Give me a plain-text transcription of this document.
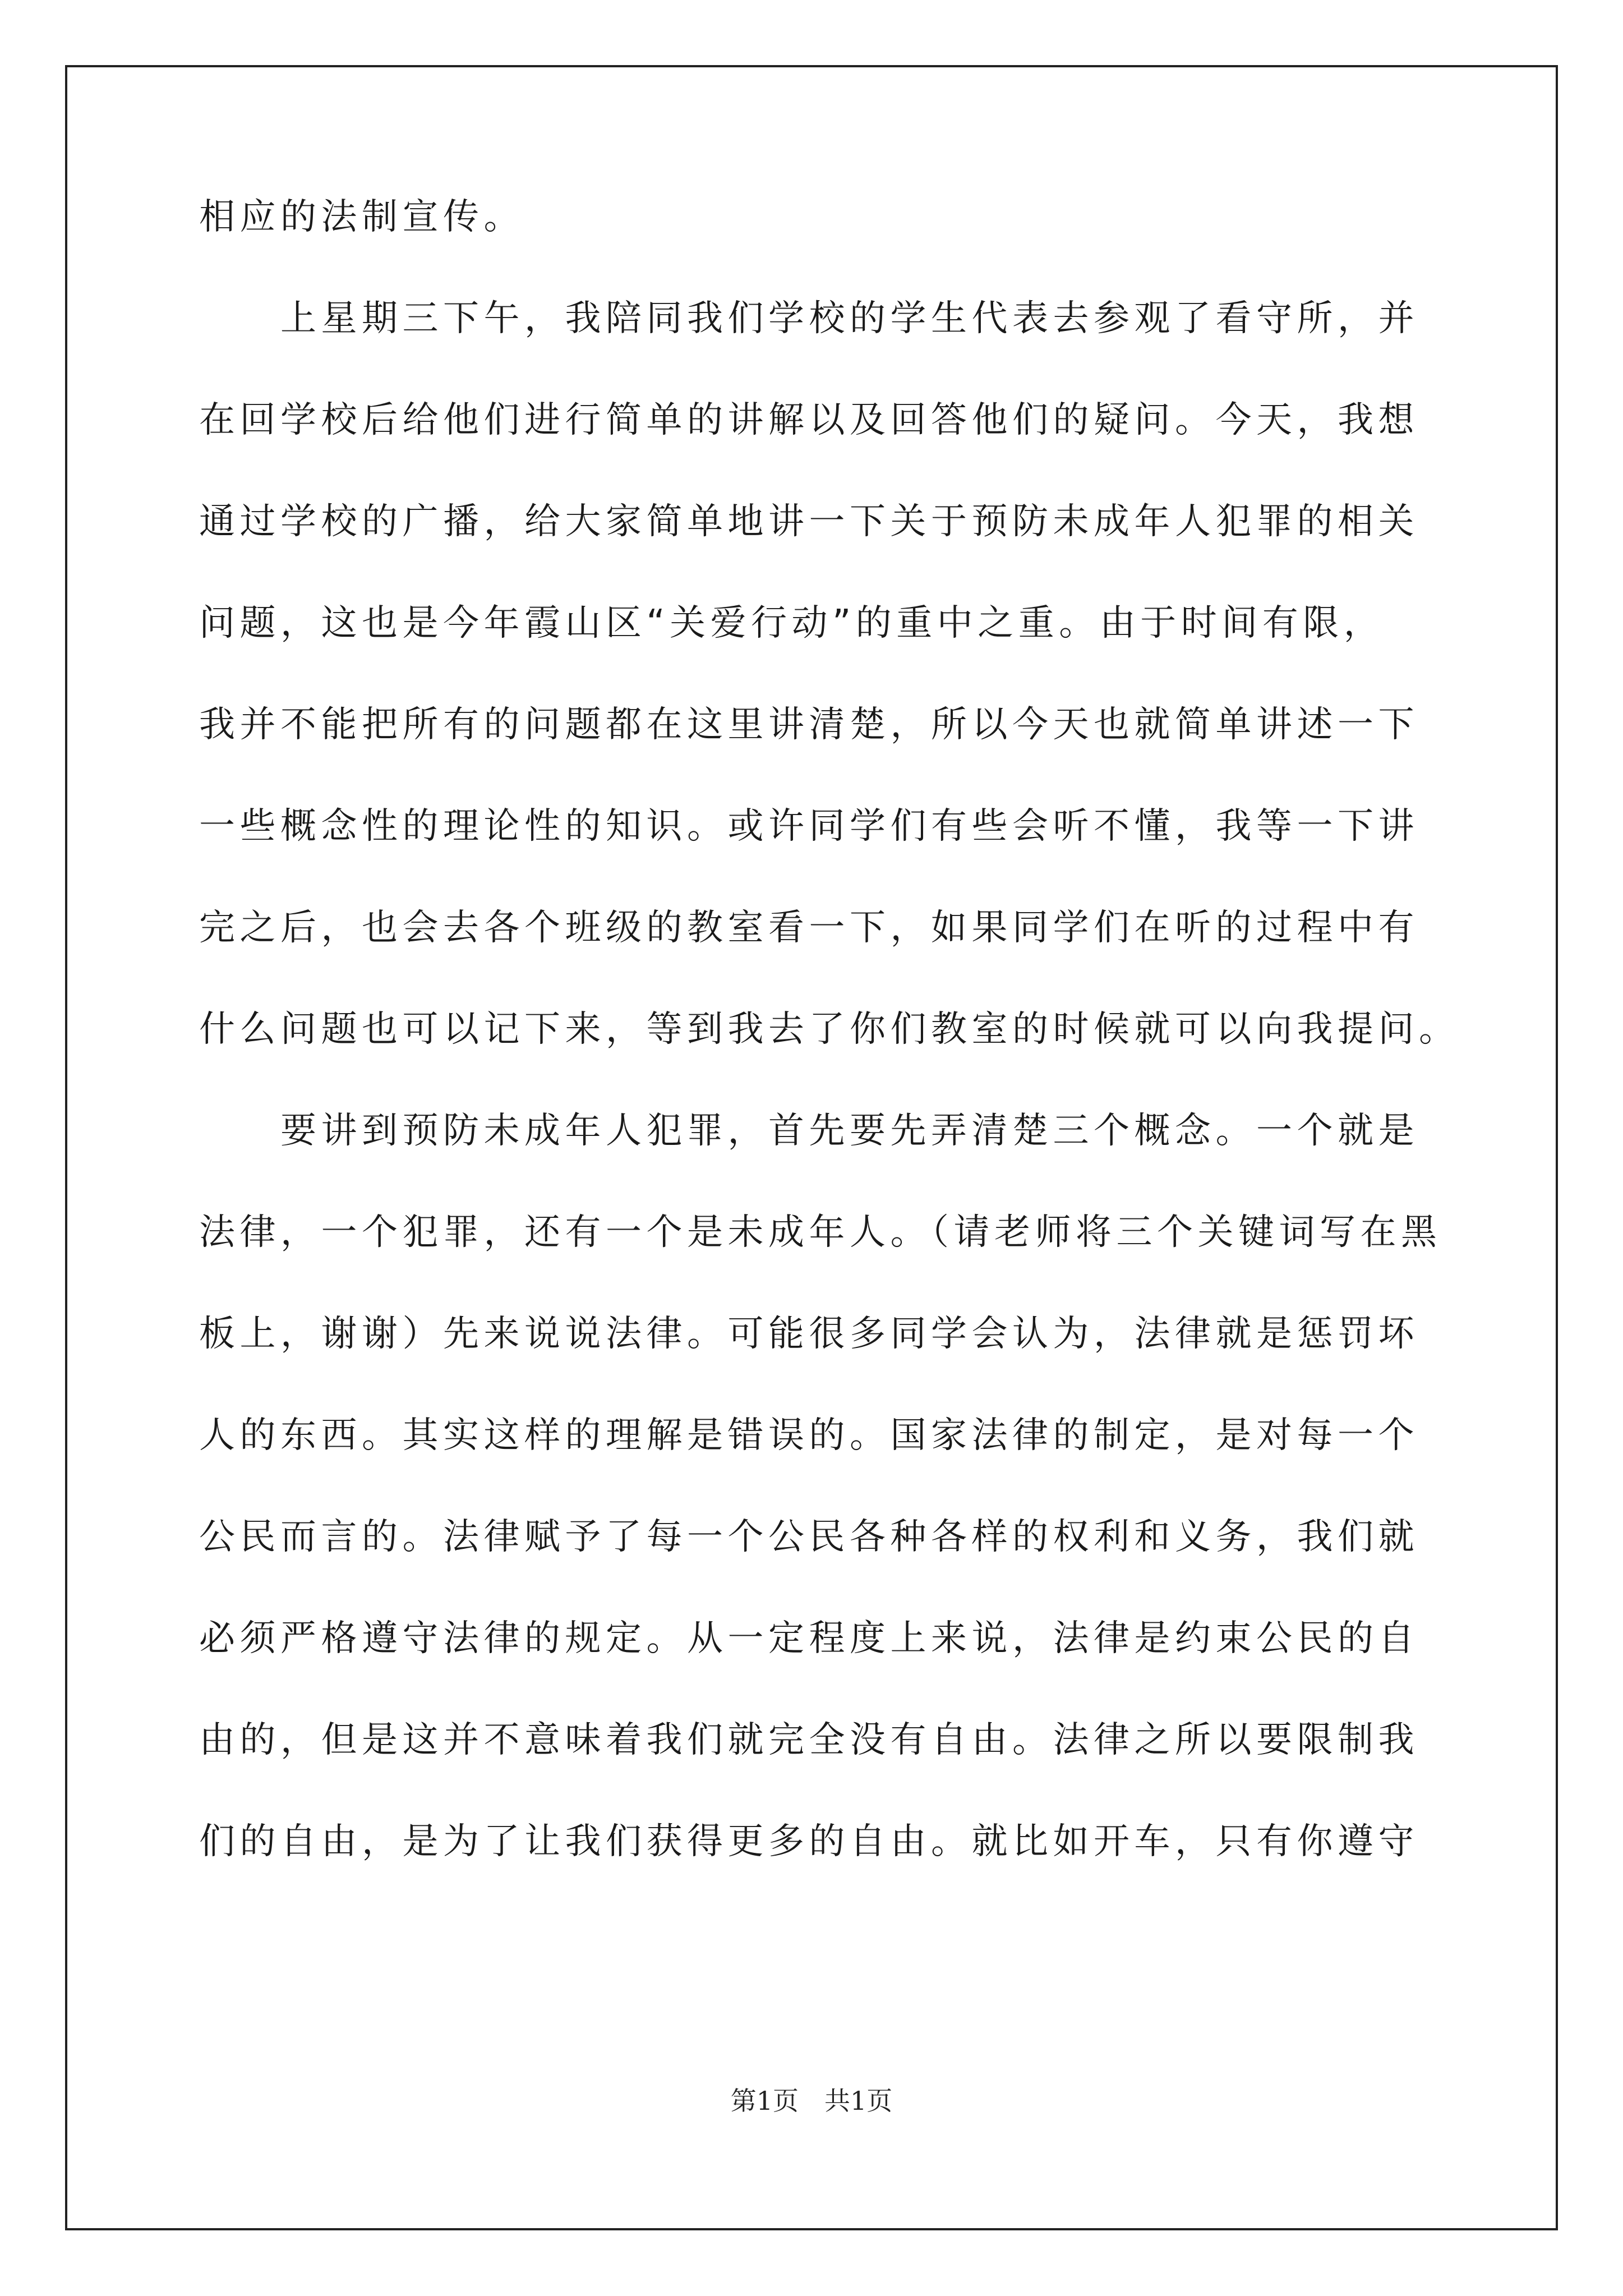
相应的法制宣传。
上星期三下午，我陪同我们学校的学生代表去参观了看守所，并
在回学校后给他们进行简单的讲解以及回答他们的疑问。今天，我想
通过学校的广播，给大家简单地讲一下关于预防未成年人犯罪的相关
问题，这也是今年霞山区“关爱行动”的重中之重。由于时间有限，
我并不能把所有的问题都在这里讲清楚，所以今天也就简单讲述一下
一些概念性的理论性的知识。或许同学们有些会听不懂，我等一下讲
完之后，也会去各个班级的教室看一下，如果同学们在听的过程中有
什么问题也可以记下来，等到我去了你们教室的时候就可以向我提问。
要讲到预防未成年人犯罪，首先要先弄清楚三个概念。一个就是
法律，一个犯罪，还有一个是未成年人。（请老师将三个关键词写在黑
板上，谢谢）先来说说法律。可能很多同学会认为，法律就是惩罚坏
人的东西。其实这样的理解是错误的。国家法律的制定，是对每一个
公民而言的。法律赋予了每一个公民各种各样的权利和义务，我们就
必须严格遵守法律的规定。从一定程度上来说，法律是约束公民的自
由的，但是这并不意味着我们就完全没有自由。法律之所以要限制我
们的自由，是为了让我们获得更多的自由。就比如开车，只有你遵守
第1页　共1页
